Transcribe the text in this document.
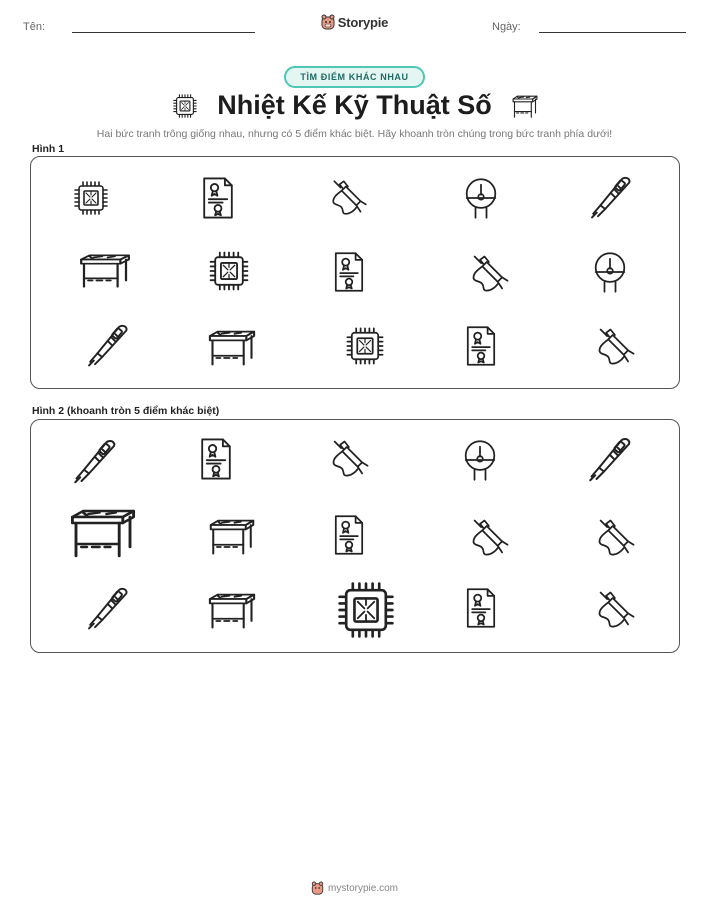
Tên:	Storypie	Ngày:
TÌM ĐIỂM KHÁC NHAU
Nhiệt Kế Kỹ Thuật Số
Hai bức tranh trông giống nhau, nhưng có 5 điểm khác biệt. Hãy khoanh tròn chúng trong bức tranh phía dưới!
Hình 1
Hình 2 (khoanh tròn 5 điểm khác biệt)
mystorypie.com
